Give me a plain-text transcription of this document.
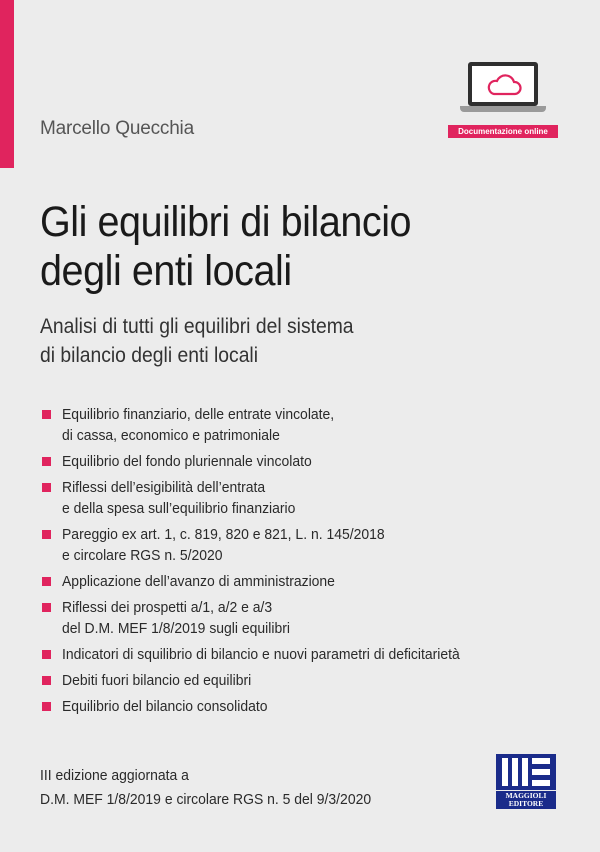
Marcello Quecchia	Documentazione online
Gli equilibri di bilancio
degli enti locali
Analisi di tutti gli equilibri del sistema
di bilancio degli enti locali
Equilibrio finanziario, delle entrate vincolate,
di cassa, economico e patrimoniale
Equilibrio del fondo pluriennale vincolato
Riflessi dell’esigibilità dell’entrata
e della spesa sull’equilibrio finanziario
Pareggio ex art. 1, c. 819, 820 e 821, L. n. 145/2018
e circolare RGS n. 5/2020
Applicazione dell’avanzo di amministrazione
Riflessi dei prospetti a/1, a/2 e a/3
del D.M. MEF 1/8/2019 sugli equilibri
Indicatori di squilibrio di bilancio e nuovi parametri di deficitarietà
Debiti fuori bilancio ed equilibri
Equilibrio del bilancio consolidato
III edizione aggiornata a
D.M. MEF 1/8/2019 e circolare RGS n. 5 del 9/3/2020	MAGGIOLI EDITORE
